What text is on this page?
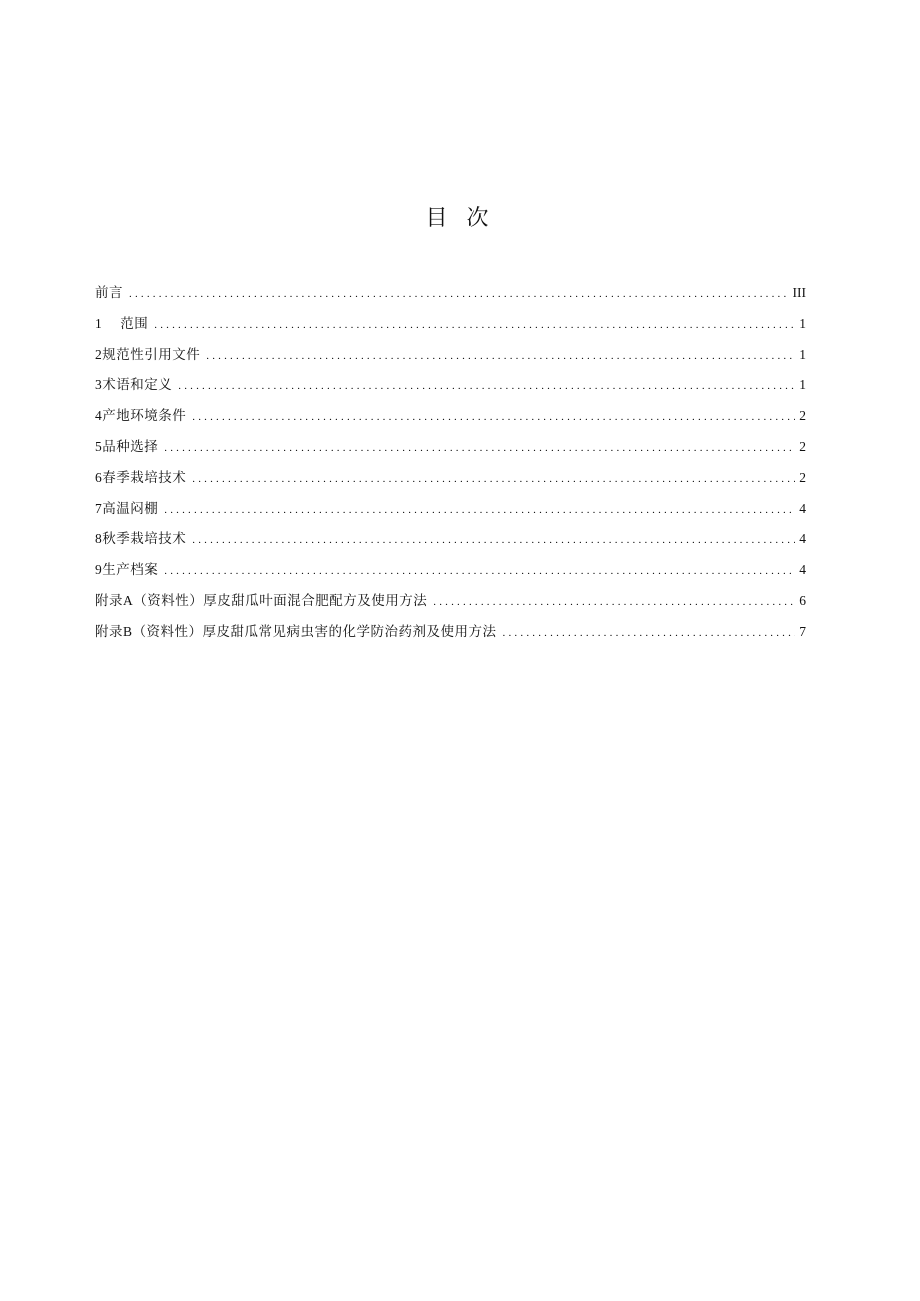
目 次
前言 .....	III
1 范围 .....	1
2规范性引用文件 .....	1
3术语和定义 .....	1
4产地环境条件 .....	2
5品种选择 .....	2
6春季栽培技术 .....	2
7高温闷棚 .....	4
8秋季栽培技术 .....	4
9生产档案 .....	4
附录A（资料性）厚皮甜瓜叶面混合肥配方及使用方法 .....	6
附录B（资料性）厚皮甜瓜常见病虫害的化学防治药剂及使用方法 .....	7
